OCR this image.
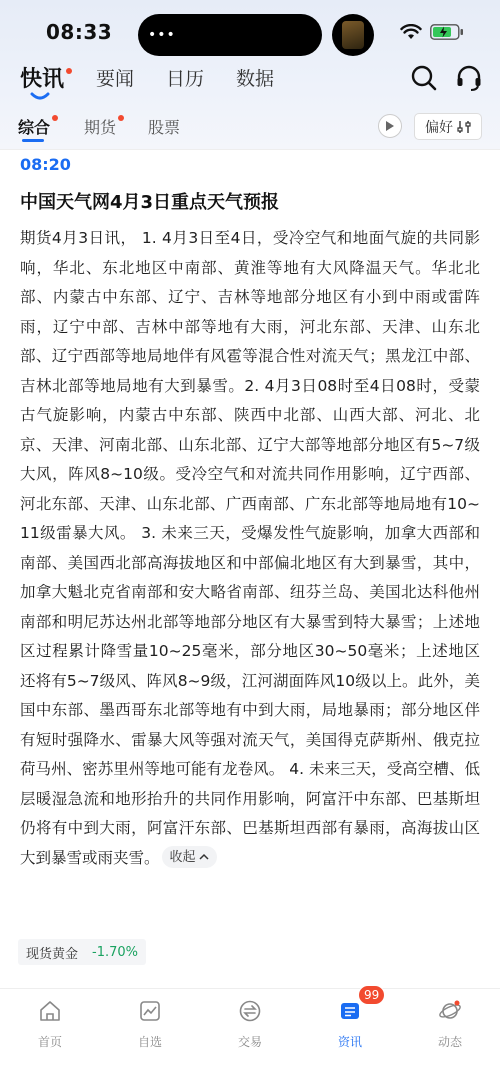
08:33	•••
快讯 要闻 日历 数据
综合 期货 股票	偏好
08:20
中国天气网4月3日重点天气预报
期货4月3日讯， 1. 4月3日至4日，受冷空气和地面气旋的共同影响，华北、东北地区中南部、黄淮等地有大风降温天气。华北北部、内蒙古中东部、辽宁、吉林等地部分地区有小到中雨或雷阵雨，辽宁中部、吉林中部等地有大雨，河北东部、天津、山东北部、辽宁西部等地局地伴有风雹等混合性对流天气；黑龙江中部、吉林北部等地局地有大到暴雪。2. 4月3日08时至4日08时，受蒙古气旋影响，内蒙古中东部、陕西中北部、山西大部、河北、北京、天津、河南北部、山东北部、辽宁大部等地部分地区有5~7级大风，阵风8~10级。受冷空气和对流共同作用影响，辽宁西部、河北东部、天津、山东北部、广西南部、广东北部等地局地有10~11级雷暴大风。 3. 未来三天，受爆发性气旋影响，加拿大西部和南部、美国西北部高海拔地区和中部偏北地区有大到暴雪，其中，加拿大魁北克省南部和安大略省南部、纽芬兰岛、美国北达科他州南部和明尼苏达州北部等地部分地区有大暴雪到特大暴雪；上述地区过程累计降雪量10~25毫米，部分地区30~50毫米；上述地区还将有5~7级风、阵风8~9级，江河湖面阵风10级以上。此外，美国中东部、墨西哥东北部等地有中到大雨，局地暴雨；部分地区伴有短时强降水、雷暴大风等强对流天气，美国得克萨斯州、俄克拉荷马州、密苏里州等地可能有龙卷风。 4. 未来三天，受高空槽、低层暖湿急流和地形抬升的共同作用影响，阿富汗中东部、巴基斯坦仍将有中到大雨，阿富汗东部、巴基斯坦西部有暴雨，高海拔山区大到暴雪或雨夹雪。 收起
现货黄金 -1.70%
首页	自选	交易	资讯
99
动态
